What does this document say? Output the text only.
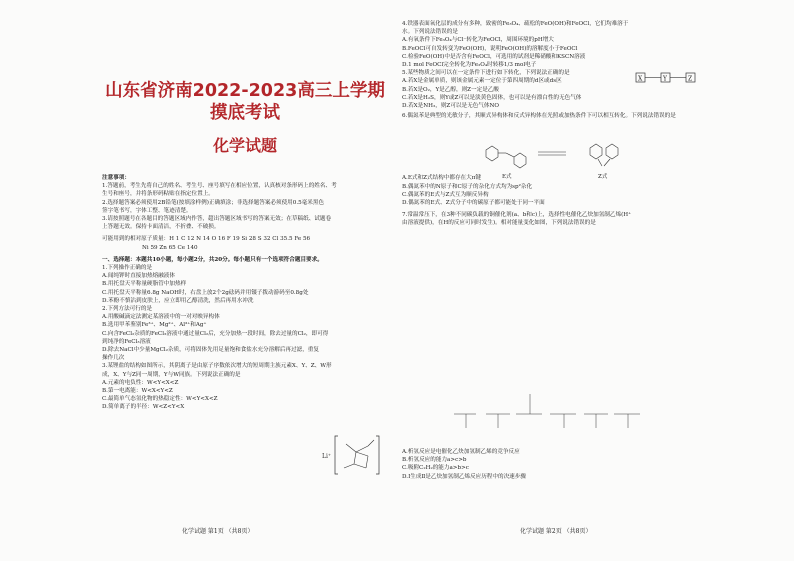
山东省济南2022-2023高三上学期摸底考试
化学试题
注意事项：
1.答题前，考生先将自己的姓名、考生号、座号填写在相应位置，认真核对条形码上的姓名、考
生号和座号，并将条形码粘贴在指定位置上。
2.选择题答案必须使用2B铅笔(按填涂样例)正确填涂；非选择题答案必须使用0.5毫米黑色
签字笔书写，字体工整、笔迹清楚。
3.请按照题号在各题目的答题区域内作答，超出答题区域书写的答案无效；在草稿纸、试题卷
上答题无效。保持卡面清洁，不折叠、不破损。
可能用到的相对原子质量：H 1 C 12 N 14 O 16 F 19 Si 28 S 32 Cl 35.5 Fe 56
Ni 59 Zn 65 Ce 140
一、选择题：本题共10小题，每小题2分，共20分。每小题只有一个选项符合题目要求。
1.下列操作正确的是
A.闻纯钾时直接加热熔融液体
B.用托盘天平称量硬脂管中加热样
C.用托盘天平称量6.8g NaOH时，右盘上放2个2g砝码并用镊子拨动游码至0.8g处
D.苯酚不慎沾到皮肤上，应立即用乙醇清洗，然后再用水冲洗
2.下列方法可行的是
A.用酸碱滴定法测定某溶液中的一对对映异构体
B.选用甲苯鉴别Fe³⁺、Mg²⁺、Al³⁺和Ag⁺
C.向含FeCl₂杂质的FeCl₃溶液中通过量Cl₂后，充分加热一段时间，除去过量的Cl₂，即可得
到纯净的FeCl₃溶液
D.除去NaCl中少量MgCl₂杂质，可将固体先用足量饱和食盐水充分溶解后再过滤，重复
操作几次
3.某锂盐的结构如图所示，其阴离子是由原子序数依次增大的短周期主族元素X、Y、Z、W形
成，X、Y与Z同一周期，Y与W同族。下列说法正确的是
A.元素的电负性：W<Y<X<Z
B.第一电离能：W<X<Y<Z
C.最简单气态氢化物的热稳定性：W<Y<X<Z
D.简单离子的半径：W<Z<Y<X
Li⁺
化学试题 第1页 （共8页）
4.铁器表面氧化层的成分有多种，致密的Fe₃O₄、疏松的FeO(OH)和FeOCl，它们均难溶于
水。下列说法错误的是
A.有氧条件下Fe₃O₄与Cl⁻转化为FeOCl，周围环境的pH增大
B.FeOCl可自发转变为FeO(OH)，说明FeO(OH)的溶解度小于FeOCl
C.检验FeO(OH)中是否含有FeOCl，可选用的试剂是稀硝酸和KSCN溶液
D.1 mol FeOCl完全转化为Fe₃O₄时转移1/3 mol电子
5.某些物质之间可以在一定条件下进行如下转化，下列说法正确的是
A.若X是金属单质，则该金属元素一定位于第四周期的d区或ds区
B.若X是O₂，Y是乙醇，则Z一定是乙酸
C.若X是H₂S，则Y或Z可以是淡黄色固体，也可以是有漂白性的无色气体
D.若X是NH₃，则Z可以是无色气体NO
6.偶氮苯是典型的光敏分子，其顺式异构体和反式异构体在光照或加热条件下可以相互转化。下列说法错误的是
A.E式和Z式结构中都存在大π键
B.偶氮苯中的N原子和C原子的杂化方式均为sp²杂化
C.偶氮苯的E式与Z式互为顺反异构
D.偶氮苯的E式、Z式分子中的碳原子都可能处于同一平面
7.常温常压下，在3种不同碳负载的铜催化剂(a、b和c)上，选择性电催化乙炔加氢制乙烯(H⁺
由溶液提供)，在H的反应可同时发生)。相对能量变化如图，下列说法错误的是
X	Y	Z
E式	Z式
A.析氢反应是电催化乙炔加氢制乙烯的竞争反应
B.析氢反应的能力a>c>b
C.吸附C₂H₂的能力a>b>c
D.Ⅰ生成Ⅱ是乙炔加氢制乙烯反应历程中的决速步骤
化学试题 第2页 （共8页）
